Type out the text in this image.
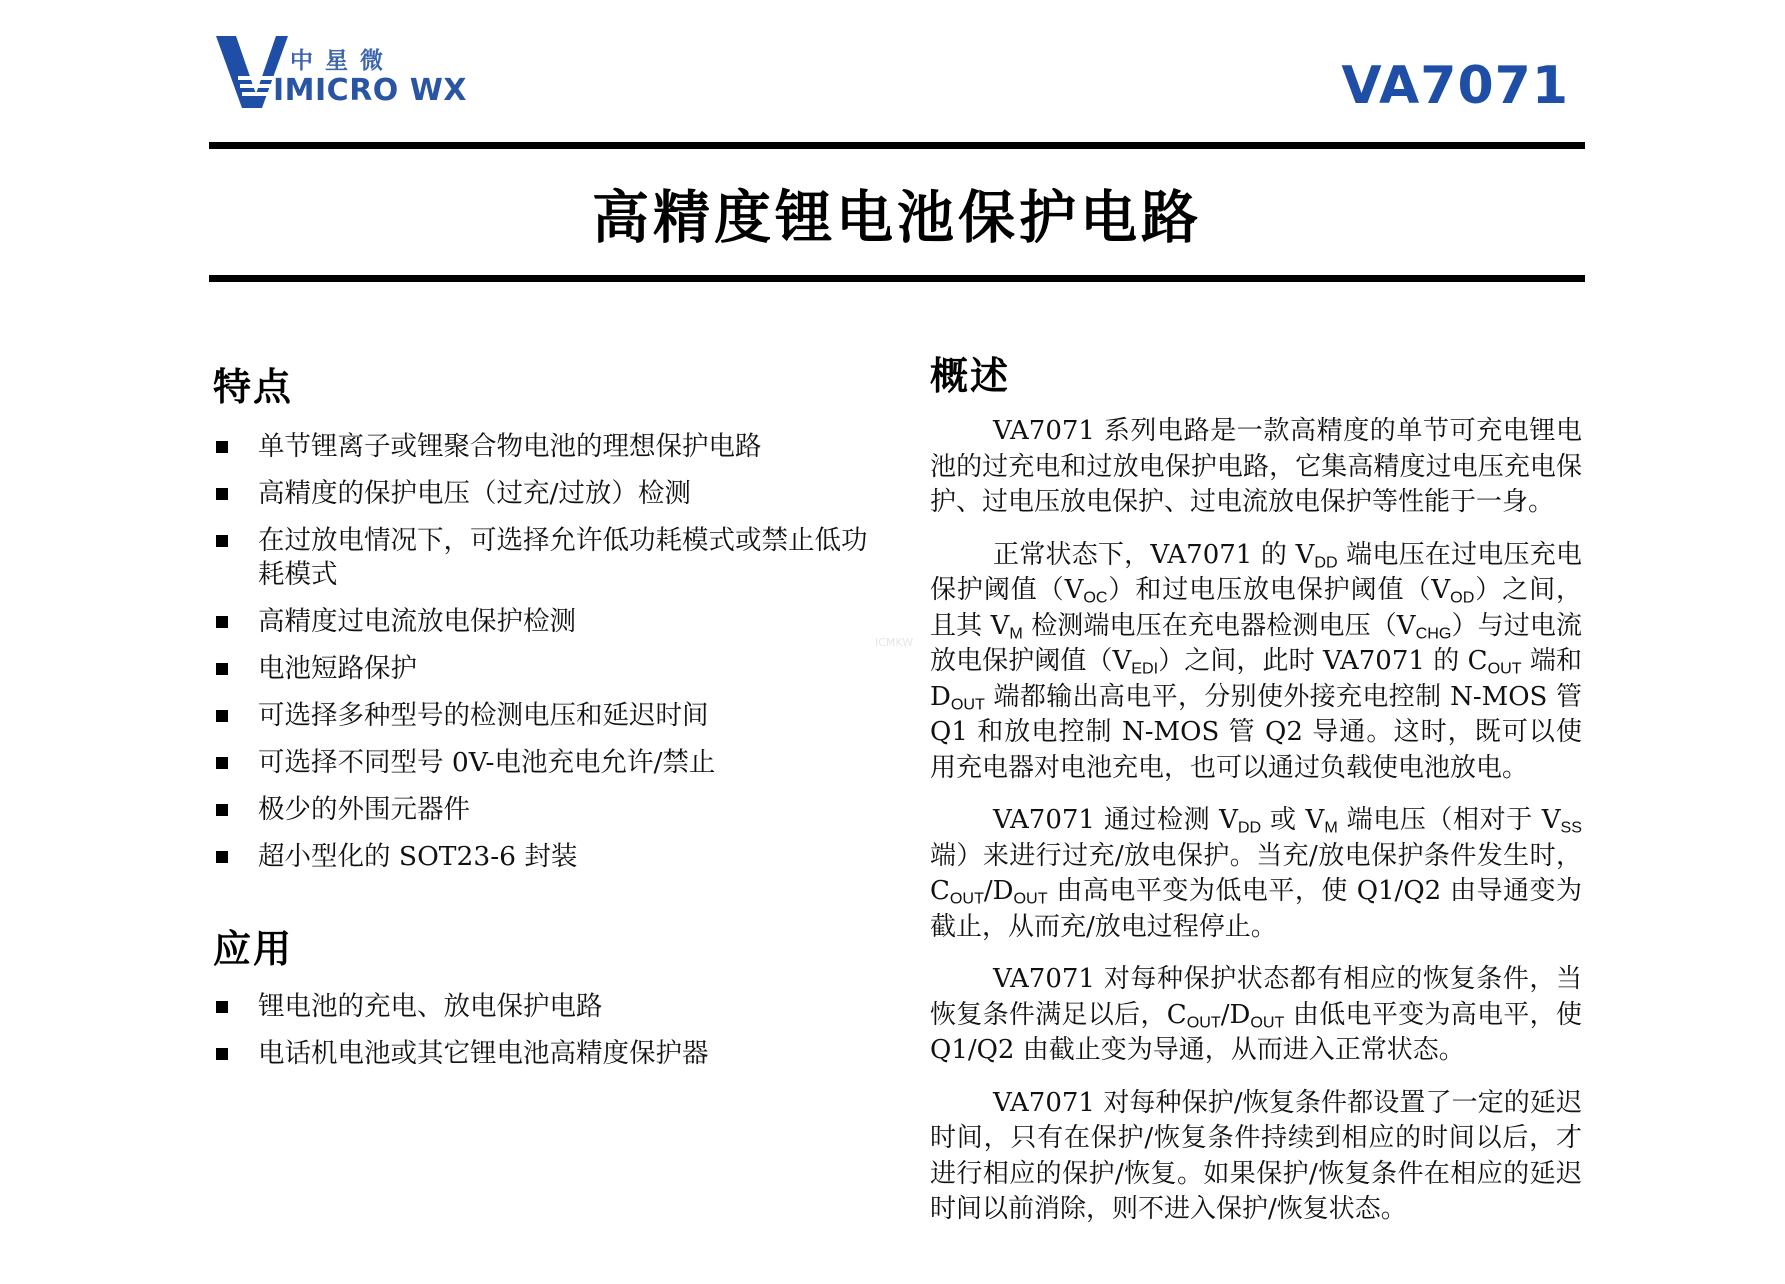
中星微
IMICRO WX	VA7071
高精度锂电池保护电路
特点
单节锂离子或锂聚合物电池的理想保护电路
高精度的保护电压（过充/过放）检测
在过放电情况下，可选择允许低功耗模式或禁止低功耗模式
高精度过电流放电保护检测
电池短路保护
可选择多种型号的检测电压和延迟时间
可选择不同型号 0V-电池充电允许/禁止
极少的外围元器件
超小型化的 SOT23-6 封装
应用
锂电池的充电、放电保护电路
电话机电池或其它锂电池高精度保护器
概述

VA7071 系列电路是一款高精度的单节可充电锂电池的过充电和过放电保护电路，它集高精度过电压充电保护、过电压放电保护、过电流放电保护等性能于一身。

正常状态下，VA7071 的 $V_{DD}$ 端电压在过电压充电保护阈值$(V_{OC})$和过电压放电保护阈值$(V_{OD})$之间，且其 $V_M$ 检测端电压在充电器检测电压$(V_{CHG})$与过电流放电保护阈值$(V_{EDI})$之间，此时 VA7071 的 $C_{OUT}$ 端和 $D_{OUT}$ 端都输出高电平，分别使外接充电控制 N-MOS 管 Q1 和放电控制 N-MOS 管 Q2 导通。这时，既可以使用充电器对电池充电，也可以通过负载使电池放电。

VA7071 通过检测 $V_{DD}$ 或 $V_M$ 端电压（相对于 $V_{SS}$ 端）来进行过充/放电保护。当充/放电保护条件发生时，$C_{OUT}/D_{OUT}$ 由高电平变为低电平，使 Q1/Q2 由导通变为截止，从而充/放电过程停止。

VA7071 对每种保护状态都有相应的恢复条件，当恢复条件满足以后，$C_{OUT}/D_{OUT}$ 由低电平变为高电平，使 Q1/Q2 由截止变为导通，从而进入正常状态。

VA7071 对每种保护/恢复条件都设置了一定的延迟时间，只有在保护/恢复条件持续到相应的时间以后，才进行相应的保护/恢复。如果保护/恢复条件在相应的延迟时间以前消除，则不进入保护/恢复状态。

ICMKW
